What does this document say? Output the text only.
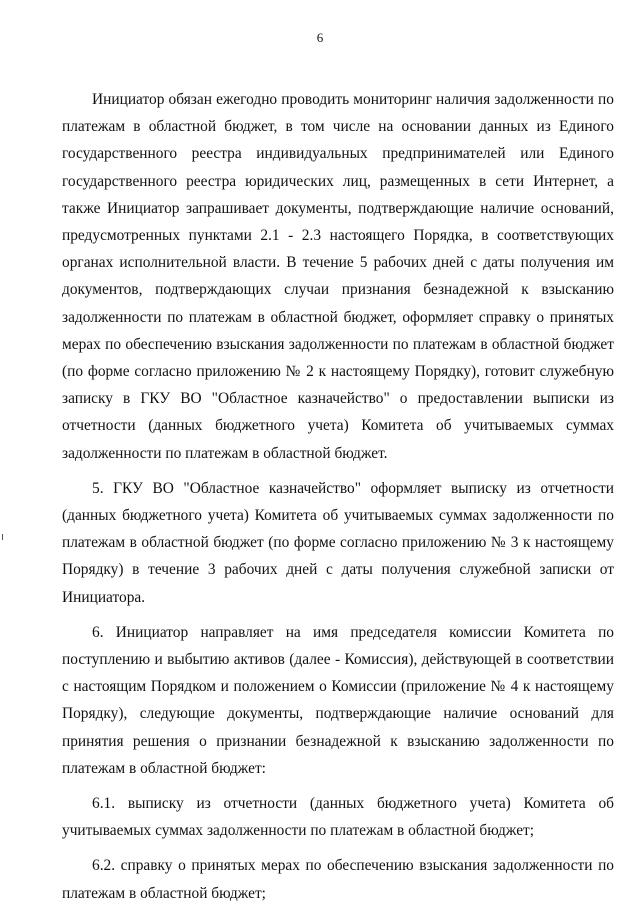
6

Инициатор обязан ежегодно проводить мониторинг наличия задолженности по платежам в областной бюджет, в том числе на основании данных из Единого государственного реестра индивидуальных предпринимателей или Единого государственного реестра юридических лиц, размещенных в сети Интернет, а также Инициатор запрашивает документы, подтверждающие наличие оснований, предусмотренных пунктами 2.1 - 2.3 настоящего Порядка, в соответствующих органах исполнительной власти. В течение 5 рабочих дней с даты получения им документов, подтверждающих случаи признания безнадежной к взысканию задолженности по платежам в областной бюджет, оформляет справку о принятых мерах по обеспечению взыскания задолженности по платежам в областной бюджет (по форме согласно приложению № 2 к настоящему Порядку), готовит служебную записку в ГКУ ВО "Областное казначейство" о предоставлении выписки из отчетности (данных бюджетного учета) Комитета об учитываемых суммах задолженности по платежам в областной бюджет.

5. ГКУ ВО "Областное казначейство" оформляет выписку из отчетности (данных бюджетного учета) Комитета об учитываемых суммах задолженности по платежам в областной бюджет (по форме согласно приложению № 3 к настоящему Порядку) в течение 3 рабочих дней с даты получения служебной записки от Инициатора.

6. Инициатор направляет на имя председателя комиссии Комитета по поступлению и выбытию активов (далее - Комиссия), действующей в соответствии с настоящим Порядком и положением о Комиссии (приложение № 4 к настоящему Порядку), следующие документы, подтверждающие наличие оснований для принятия решения о признании безнадежной к взысканию задолженности по платежам в областной бюджет:

6.1. выписку из отчетности (данных бюджетного учета) Комитета об учитываемых суммах задолженности по платежам в областной бюджет;

6.2. справку о принятых мерах по обеспечению взыскания задолженности по платежам в областной бюджет;
